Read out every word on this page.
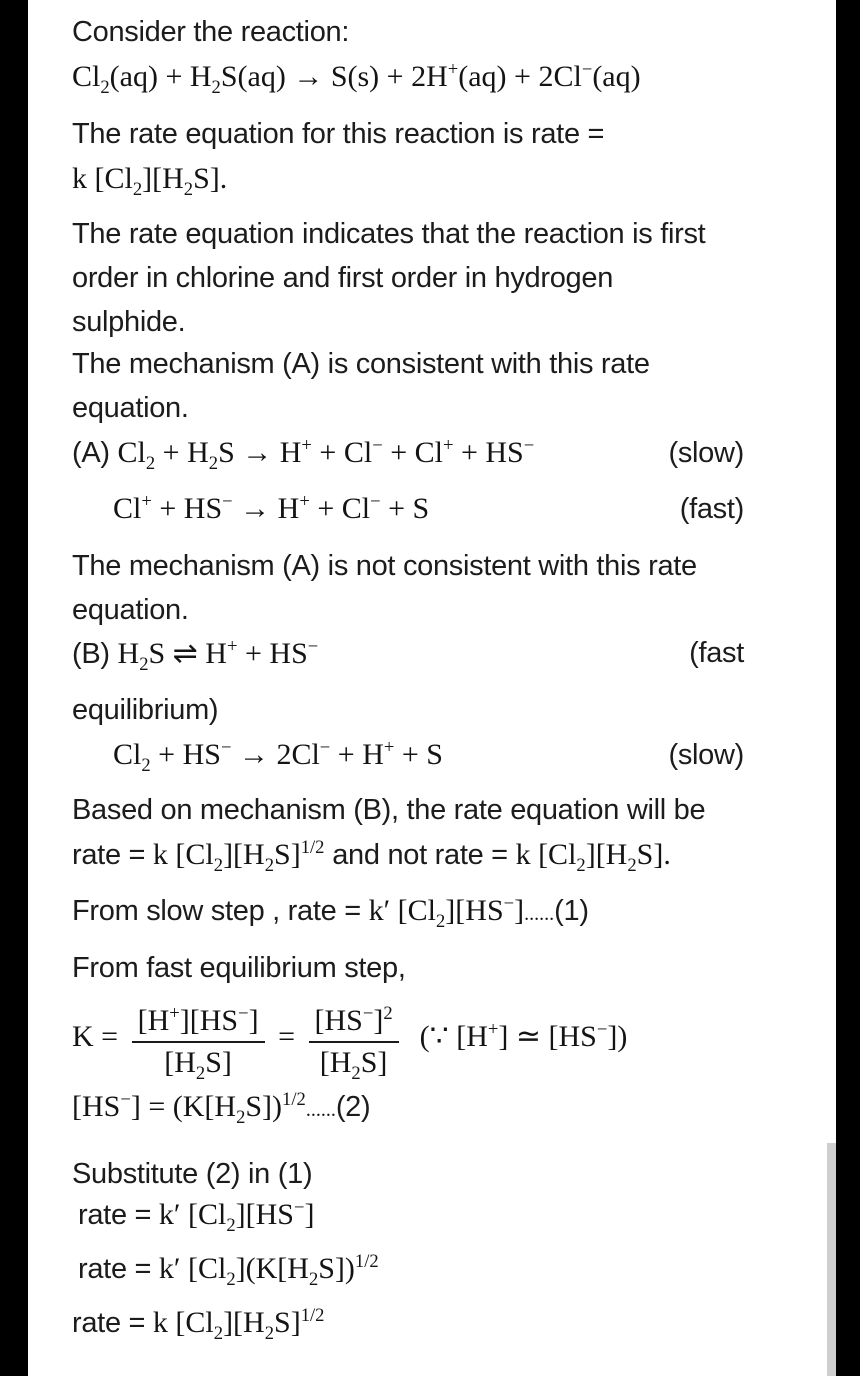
Consider the reaction:
$Cl_2(aq) + H_2S(aq) \to S(s) + 2H^+(aq) + 2Cl^-(aq)$
The rate equation for this reaction is rate =
k $[Cl_2][H_2S]$.
The rate equation indicates that the reaction is first
order in chlorine and first order in hydrogen
sulphide.
The mechanism (A) is consistent with this rate
equation.
(A) $Cl_2 + H_2S \to H^+ + Cl^- + Cl^+ + HS^-$	(slow)
Cl+ + HS− → H+ + Cl− + S	(fast)
The mechanism (A) is not consistent with this rate
equation.
(B) $H_2S$ ⇌ H+ + HS−	(fast
equilibrium)
$Cl_2 + HS^- \to 2Cl^- + H^+ + S$	(slow)
Based on mechanism (B), the rate equation will be
rate = k $[Cl_2][H_2S]^{1/2}$ and not rate = k $[Cl_2][H_2S]$.
From slow step , rate = k′ $[Cl_2][HS^-]......(1)$
From fast equilibrium step,
$K = \frac{[H^+][HS^-]}{[H_2S]} = \frac{[HS^-]^2}{[H_2S]}$ (∵ [H+] ≃ [HS−])
$[HS^-] = (K[H_2S])^{1/2}......(2)$
Substitute (2) in (1)
rate = k′ $[Cl_2][HS^-]$
rate = k′ $[Cl_2](K[H_2S])^{1/2}$
rate = k $[Cl_2][H_2S]^{1/2}$
